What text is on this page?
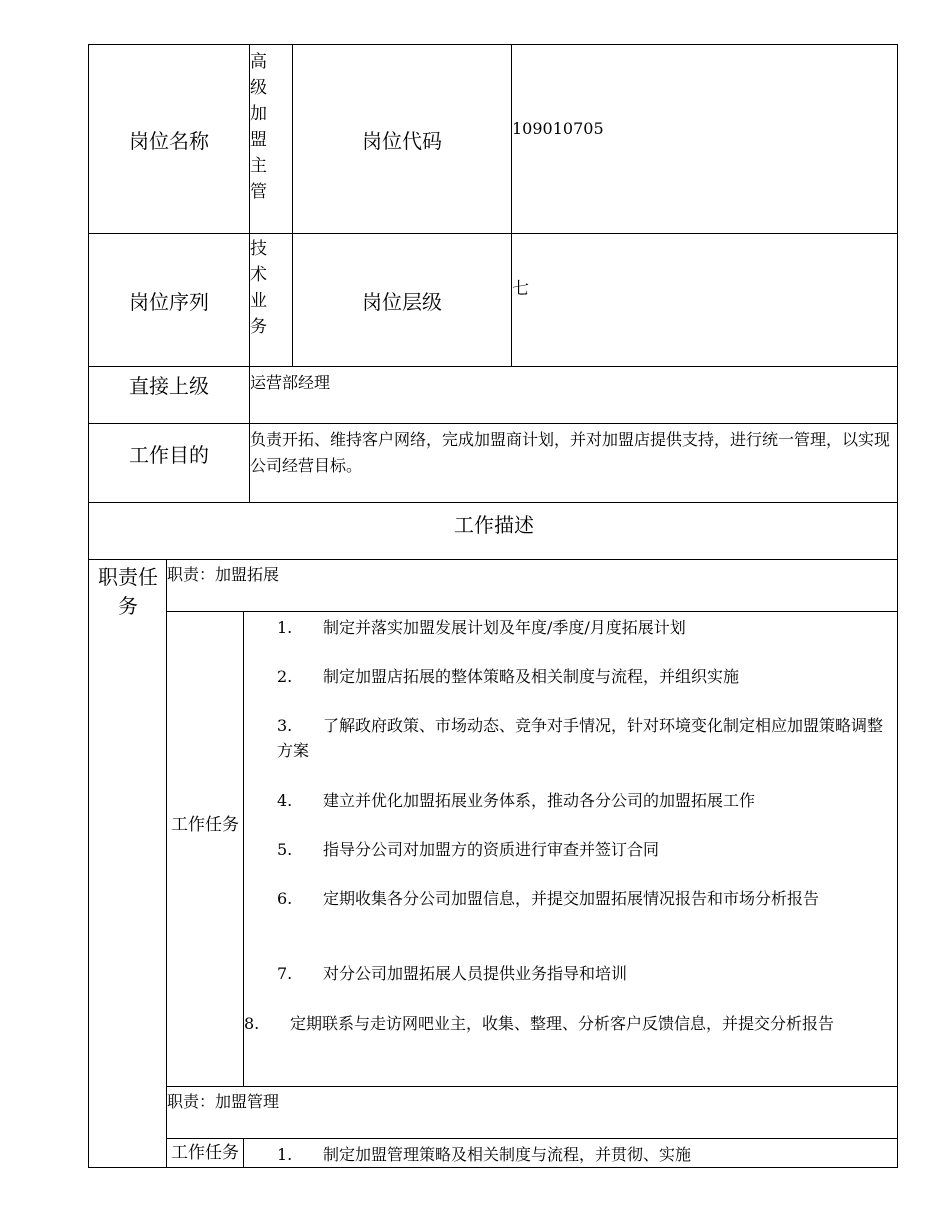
岗位名称
高级加盟主管
岗位代码	109010705
岗位序列
技术业务
岗位层级
七
直接上级	运营部经理
工作目的
负责开拓、维持客户网络，完成加盟商计划，并对加盟店提供支持，进行统一管理，以实现公司经营目标。
工作描述
职责任务
职责：加盟拓展
工作任务
1. 制定并落实加盟发展计划及年度/季度/月度拓展计划
2. 制定加盟店拓展的整体策略及相关制度与流程，并组织实施
3. 了解政府政策、市场动态、竞争对手情况，针对环境变化制定相应加盟策略调整方案
4. 建立并优化加盟拓展业务体系，推动各分公司的加盟拓展工作
5. 指导分公司对加盟方的资质进行审查并签订合同
6. 定期收集各分公司加盟信息，并提交加盟拓展情况报告和市场分析报告
7. 对分公司加盟拓展人员提供业务指导和培训
8. 定期联系与走访网吧业主，收集、整理、分析客户反馈信息，并提交分析报告
职责：加盟管理
工作任务 1. 制定加盟管理策略及相关制度与流程，并贯彻、实施
